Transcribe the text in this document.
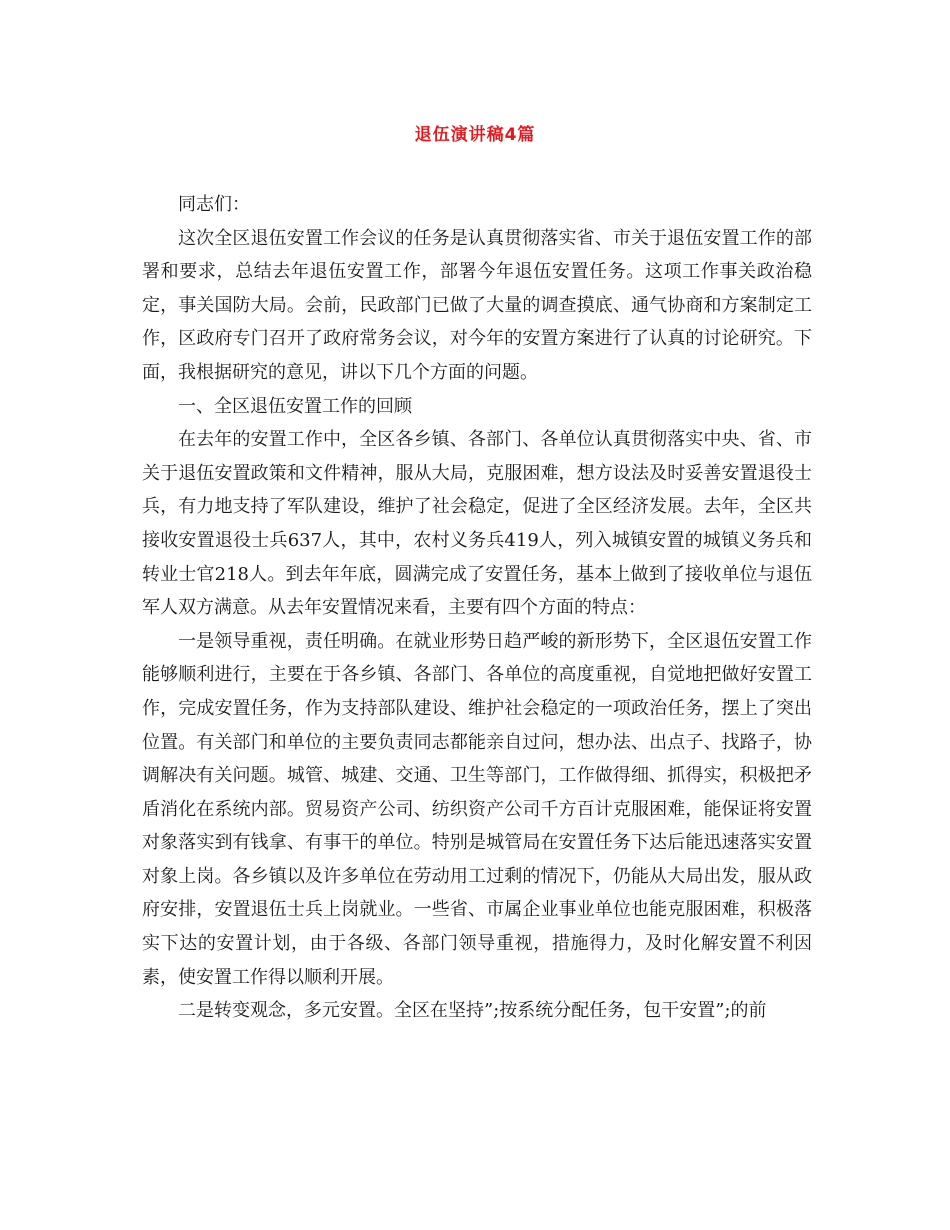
退伍演讲稿4篇

同志们：

这次全区退伍安置工作会议的任务是认真贯彻落实省、市关于退伍安置工作的部署和要求，总结去年退伍安置工作，部署今年退伍安置任务。这项工作事关政治稳定，事关国防大局。会前，民政部门已做了大量的调查摸底、通气协商和方案制定工作，区政府专门召开了政府常务会议，对今年的安置方案进行了认真的讨论研究。下面，我根据研究的意见，讲以下几个方面的问题。

一、全区退伍安置工作的回顾

在去年的安置工作中，全区各乡镇、各部门、各单位认真贯彻落实中央、省、市关于退伍安置政策和文件精神，服从大局，克服困难，想方设法及时妥善安置退役士兵，有力地支持了军队建设，维护了社会稳定，促进了全区经济发展。去年，全区共接收安置退役士兵637人，其中，农村义务兵419人，列入城镇安置的城镇义务兵和转业士官218人。到去年年底，圆满完成了安置任务，基本上做到了接收单位与退伍军人双方满意。从去年安置情况来看，主要有四个方面的特点：

一是领导重视，责任明确。在就业形势日趋严峻的新形势下，全区退伍安置工作能够顺利进行，主要在于各乡镇、各部门、各单位的高度重视，自觉地把做好安置工作，完成安置任务，作为支持部队建设、维护社会稳定的一项政治任务，摆上了突出位置。有关部门和单位的主要负责同志都能亲自过问，想办法、出点子、找路子，协调解决有关问题。城管、城建、交通、卫生等部门，工作做得细、抓得实，积极把矛盾消化在系统内部。贸易资产公司、纺织资产公司千方百计克服困难，能保证将安置对象落实到有钱拿、有事干的单位。特别是城管局在安置任务下达后能迅速落实安置对象上岗。各乡镇以及许多单位在劳动用工过剩的情况下，仍能从大局出发，服从政府安排，安置退伍士兵上岗就业。一些省、市属企业事业单位也能克服困难，积极落实下达的安置计划，由于各级、各部门领导重视，措施得力，及时化解安置不利因素，使安置工作得以顺利开展。

二是转变观念，多元安置。全区在坚持”;按系统分配任务，包干安置”;的前
